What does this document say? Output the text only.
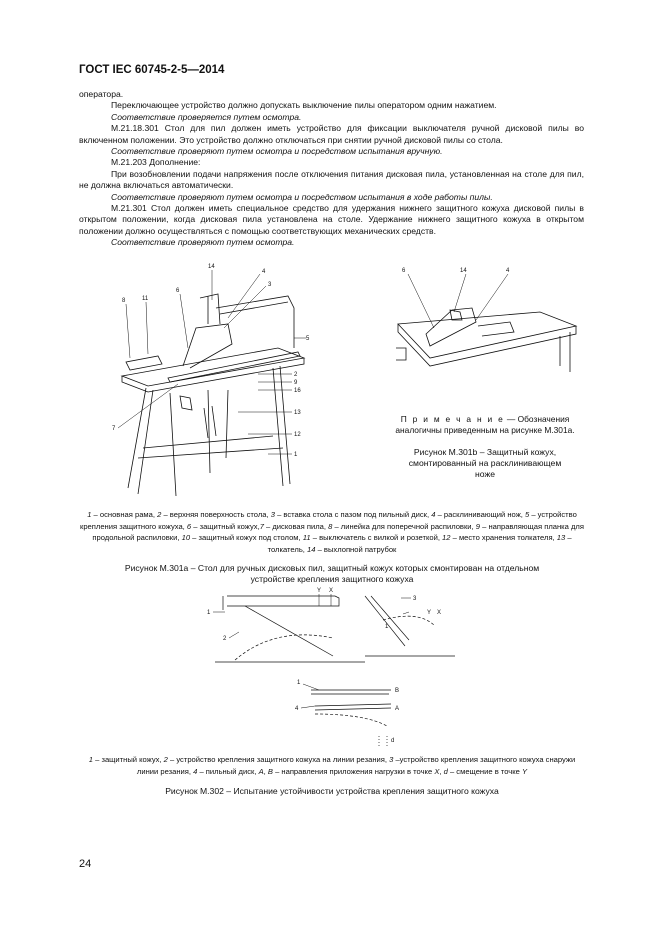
ГОСТ IEC 60745-2-5—2014

оператора.

Переключающее устройство должно допускать выключение пилы оператором одним нажатием.

Соответствие проверяется путем осмотра.

М.21.18.301 Стол для пил должен иметь устройство для фиксации выключателя ручной дисковой пилы во включенном положении. Это устройство должно отключаться при снятии ручной дисковой пилы со стола.

Соответствие проверяют путем осмотра и посредством испытания вручную.

М.21.203 Дополнение:

При возобновлении подачи напряжения после отключения питания дисковая пила, установленная на столе для пил, не должна включаться автоматически.

Соответствие проверяют путем осмотра и посредством испытания в ходе работы пилы.

М.21.301 Стол должен иметь специальное средство для удержания нижнего защитного кожуха дисковой пилы в открытом положении, когда дисковая пила установлена на столе. Удержание нижнего защитного кожуха в открытом положении должно осуществляться с помощью соответствующих механических средств.

Соответствие проверяют путем осмотра.

14
4
6
3
8	11
5
2
9
16
13
12
1
7
6	14	4
П р и м е ч а н и е — Обозначения аналогичны приведенным на рисунке М.301а.
Рисунок М.301b – Защитный кожух, смонтированный на расклинивающем ноже
1 – основная рама, 2 – верхняя поверхность стола, 3 – вставка стола с пазом под пильный диск, 4 – расклинивающий нож, 5 – устройство крепления защитного кожуха, 6 – защитный кожух,7 – дисковая пила, 8 – линейка для поперечной распиловки, 9 – направляющая планка для продольной распиловки, 10 – защитный кожух под столом, 11 – выключатель с вилкой и розеткой, 12 – место хранения толкателя, 13 – толкатель, 14 – выхлопной патрубок
Рисунок М.301а – Стол для ручных дисковых пил, защитный кожух которых смонтирован на отдельном
устройстве крепления защитного кожуха
1
2
Y X
3
1
Y X
1
B
4	A
d
1 – защитный кожух, 2 – устройство крепления защитного кожуха на линии резания, 3 –устройство крепления защитного кожуха снаружи линии резания, 4 – пильный диск, A, B – направления приложения нагрузки в точке X, d – смещение в точке Y
Рисунок М.302 – Испытание устойчивости устройства крепления защитного кожуха
24
